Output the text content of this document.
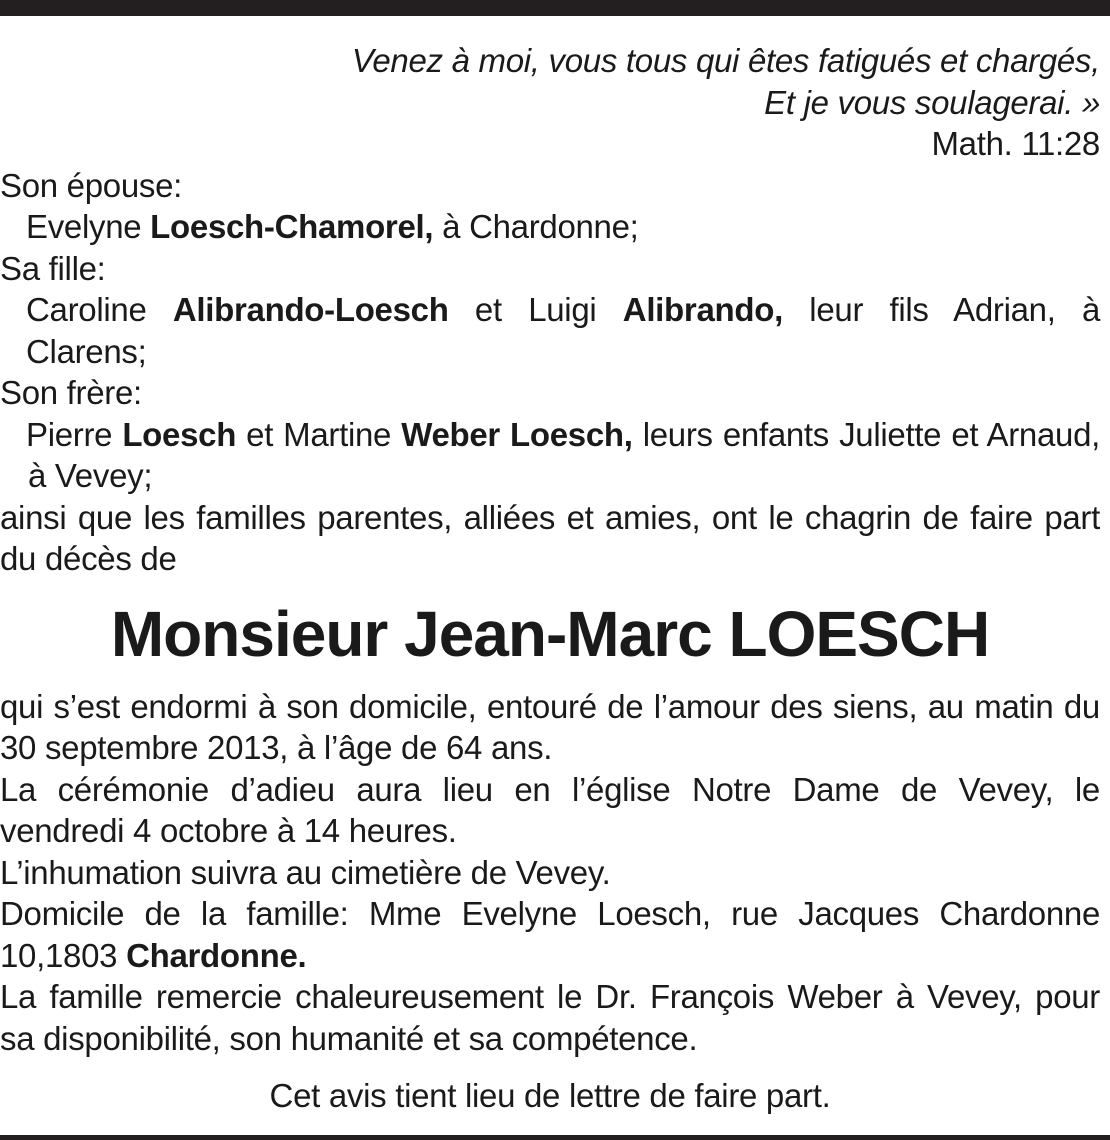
Venez à moi, vous tous qui êtes fatigués et chargés,
Et je vous soulagerai. »
Math. 11:28
Son épouse:
Evelyne Loesch-Chamorel, à Chardonne;
Sa fille:
Caroline Alibrando-Loesch et Luigi Alibrando, leur fils Adrian, à
Clarens;
Son frère:
Pierre Loesch et Martine Weber Loesch, leurs enfants Juliette et Arnaud,
à Vevey;
ainsi que les familles parentes, alliées et amies, ont le chagrin de faire part
du décès de
Monsieur Jean-Marc LOESCH
qui s’est endormi à son domicile, entouré de l’amour des siens, au matin du
30 septembre 2013, à l’âge de 64 ans.
La cérémonie d’adieu aura lieu en l’église Notre Dame de Vevey, le
vendredi 4 octobre à 14 heures.
L’inhumation suivra au cimetière de Vevey.
Domicile de la famille: Mme Evelyne Loesch, rue Jacques Chardonne
10,1803 Chardonne.
La famille remercie chaleureusement le Dr. François Weber à Vevey, pour
sa disponibilité, son humanité et sa compétence.
Cet avis tient lieu de lettre de faire part.
